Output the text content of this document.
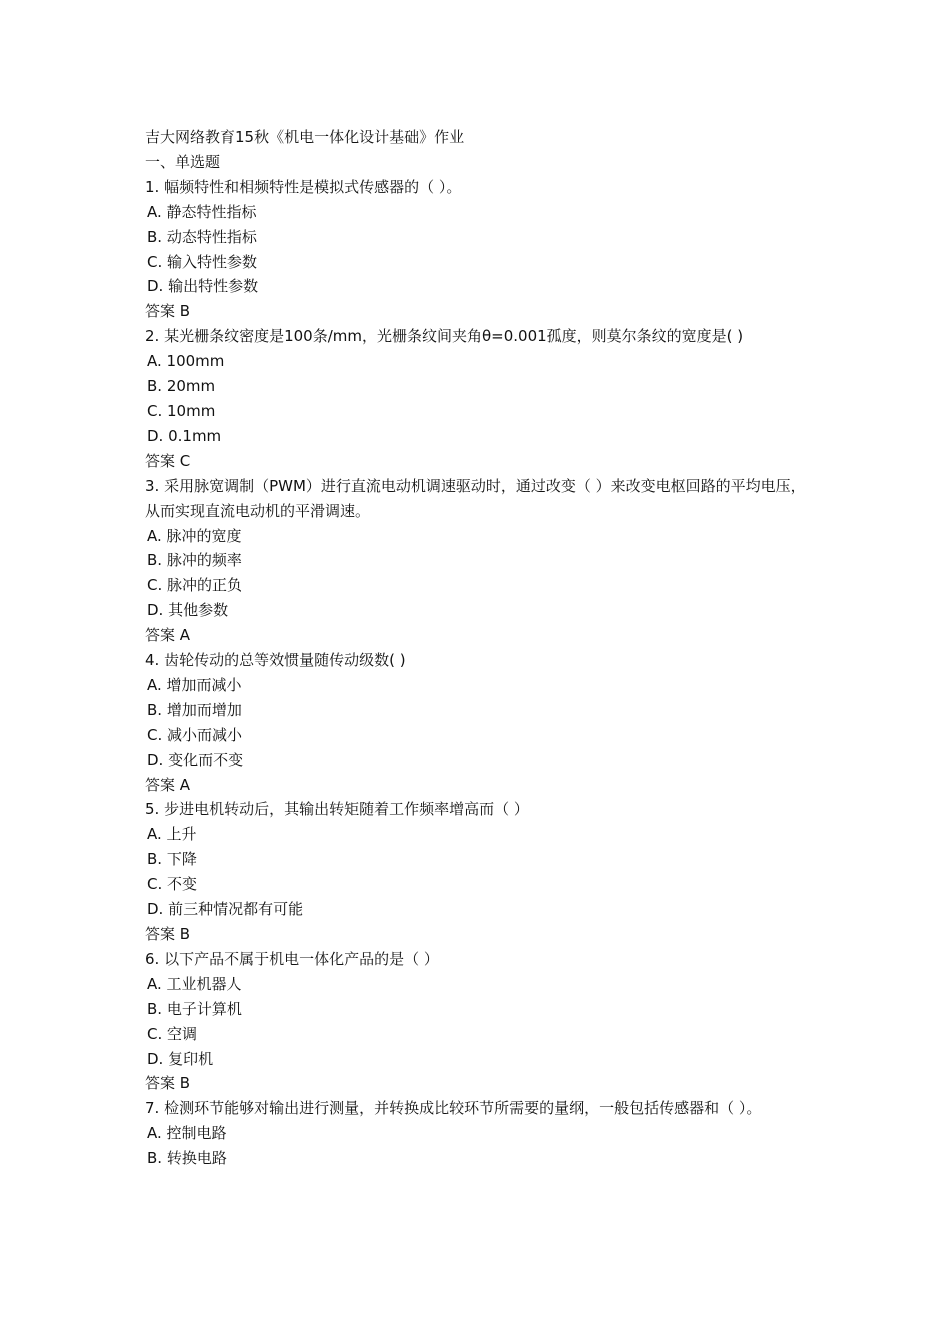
吉大网络教育15秋《机电一体化设计基础》作业
一、单选题
1. 幅频特性和相频特性是模拟式传感器的（ ）。
A. 静态特性指标
B. 动态特性指标
C. 输入特性参数
D. 输出特性参数
答案 B
2. 某光栅条纹密度是100条/mm，光栅条纹间夹角θ=0.001孤度，则莫尔条纹的宽度是( )
A. 100mm
B. 20mm
C. 10mm
D. 0.1mm
答案 C
3. 采用脉宽调制（PWM）进行直流电动机调速驱动时，通过改变（ ）来改变电枢回路的平均电压，从而实现直流电动机的平滑调速。
A. 脉冲的宽度
B. 脉冲的频率
C. 脉冲的正负
D. 其他参数
答案 A
4. 齿轮传动的总等效惯量随传动级数( )
A. 增加而减小
B. 增加而增加
C. 减小而减小
D. 变化而不变
答案 A
5. 步进电机转动后，其输出转矩随着工作频率增高而（ ）
A. 上升
B. 下降
C. 不变
D. 前三种情况都有可能
答案 B
6. 以下产品不属于机电一体化产品的是（ ）
A. 工业机器人
B. 电子计算机
C. 空调
D. 复印机
答案 B
7. 检测环节能够对输出进行测量，并转换成比较环节所需要的量纲，一般包括传感器和（ ）。
A. 控制电路
B. 转换电路
